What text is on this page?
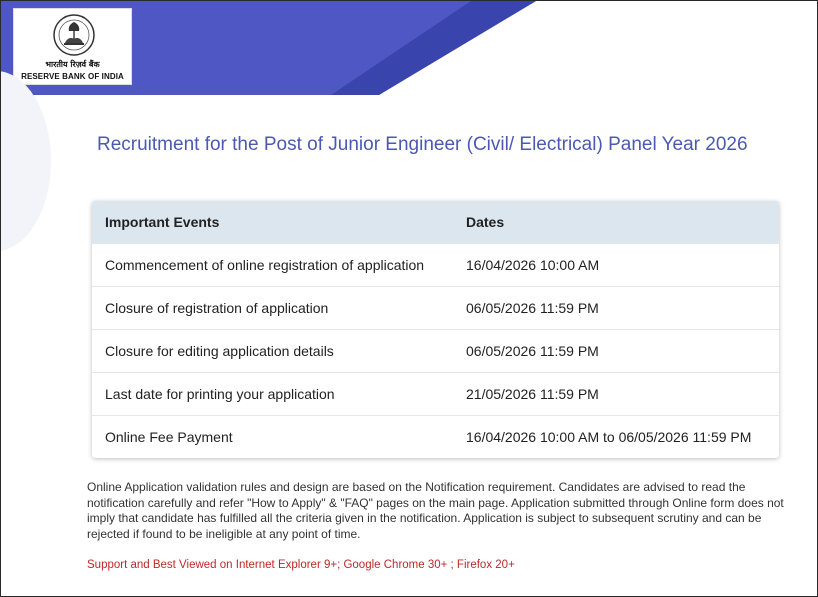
भारतीय रिज़र्व बैंक
RESERVE BANK OF INDIA
Recruitment for the Post of Junior Engineer (Civil/ Electrical) Panel Year 2026
Important Events	Dates
Commencement of online registration of application	16/04/2026 10:00 AM
Closure of registration of application	06/05/2026 11:59 PM
Closure for editing application details	06/05/2026 11:59 PM
Last date for printing your application	21/05/2026 11:59 PM
Online Fee Payment	16/04/2026 10:00 AM to 06/05/2026 11:59 PM

Online Application validation rules and design are based on the Notification requirement. Candidates are advised to read the notification carefully and refer "How to Apply" & "FAQ" pages on the main page. Application submitted through Online form does not imply that candidate has fulfilled all the criteria given in the notification. Application is subject to subsequent scrutiny and can be rejected if found to be ineligible at any point of time.

Support and Best Viewed on Internet Explorer 9+; Google Chrome 30+ ; Firefox 20+
